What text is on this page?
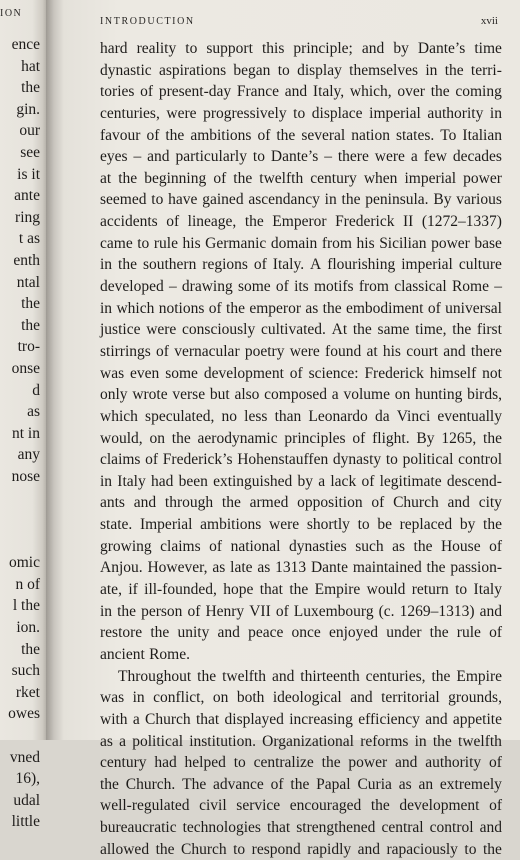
ION
ence
hat
the
gin.
our
see
is it
ante
ring
t as
enth
ntal
the
the
tro-
onse
d
as
nt in
any
nose
omic
n of
l the
ion.
the
such
rket
owes
vned
16),
udal
little
INTRODUCTION	xvii
hard reality to support this principle; and by Dante’s time
dynastic aspirations began to display themselves in the terri-
tories of present-day France and Italy, which, over the coming
centuries, were progressively to displace imperial authority in
favour of the ambitions of the several nation states. To Italian
eyes – and particularly to Dante’s – there were a few decades
at the beginning of the twelfth century when imperial power
seemed to have gained ascendancy in the peninsula. By various
accidents of lineage, the Emperor Frederick II (1272–1337)
came to rule his Germanic domain from his Sicilian power base
in the southern regions of Italy. A flourishing imperial culture
developed – drawing some of its motifs from classical Rome –
in which notions of the emperor as the embodiment of universal
justice were consciously cultivated. At the same time, the first
stirrings of vernacular poetry were found at his court and there
was even some development of science: Frederick himself not
only wrote verse but also composed a volume on hunting birds,
which speculated, no less than Leonardo da Vinci eventually
would, on the aerodynamic principles of flight. By 1265, the
claims of Frederick’s Hohenstauffen dynasty to political control
in Italy had been extinguished by a lack of legitimate descend-
ants and through the armed opposition of Church and city
state. Imperial ambitions were shortly to be replaced by the
growing claims of national dynasties such as the House of
Anjou. However, as late as 1313 Dante maintained the passion-
ate, if ill-founded, hope that the Empire would return to Italy
in the person of Henry VII of Luxembourg (c. 1269–1313) and
restore the unity and peace once enjoyed under the rule of
ancient Rome.
Throughout the twelfth and thirteenth centuries, the Empire
was in conflict, on both ideological and territorial grounds,
with a Church that displayed increasing efficiency and appetite
as a political institution. Organizational reforms in the twelfth
century had helped to centralize the power and authority of
the Church. The advance of the Papal Curia as an extremely
well-regulated civil service encouraged the development of
bureaucratic technologies that strengthened central control and
allowed the Church to respond rapidly and rapaciously to the
